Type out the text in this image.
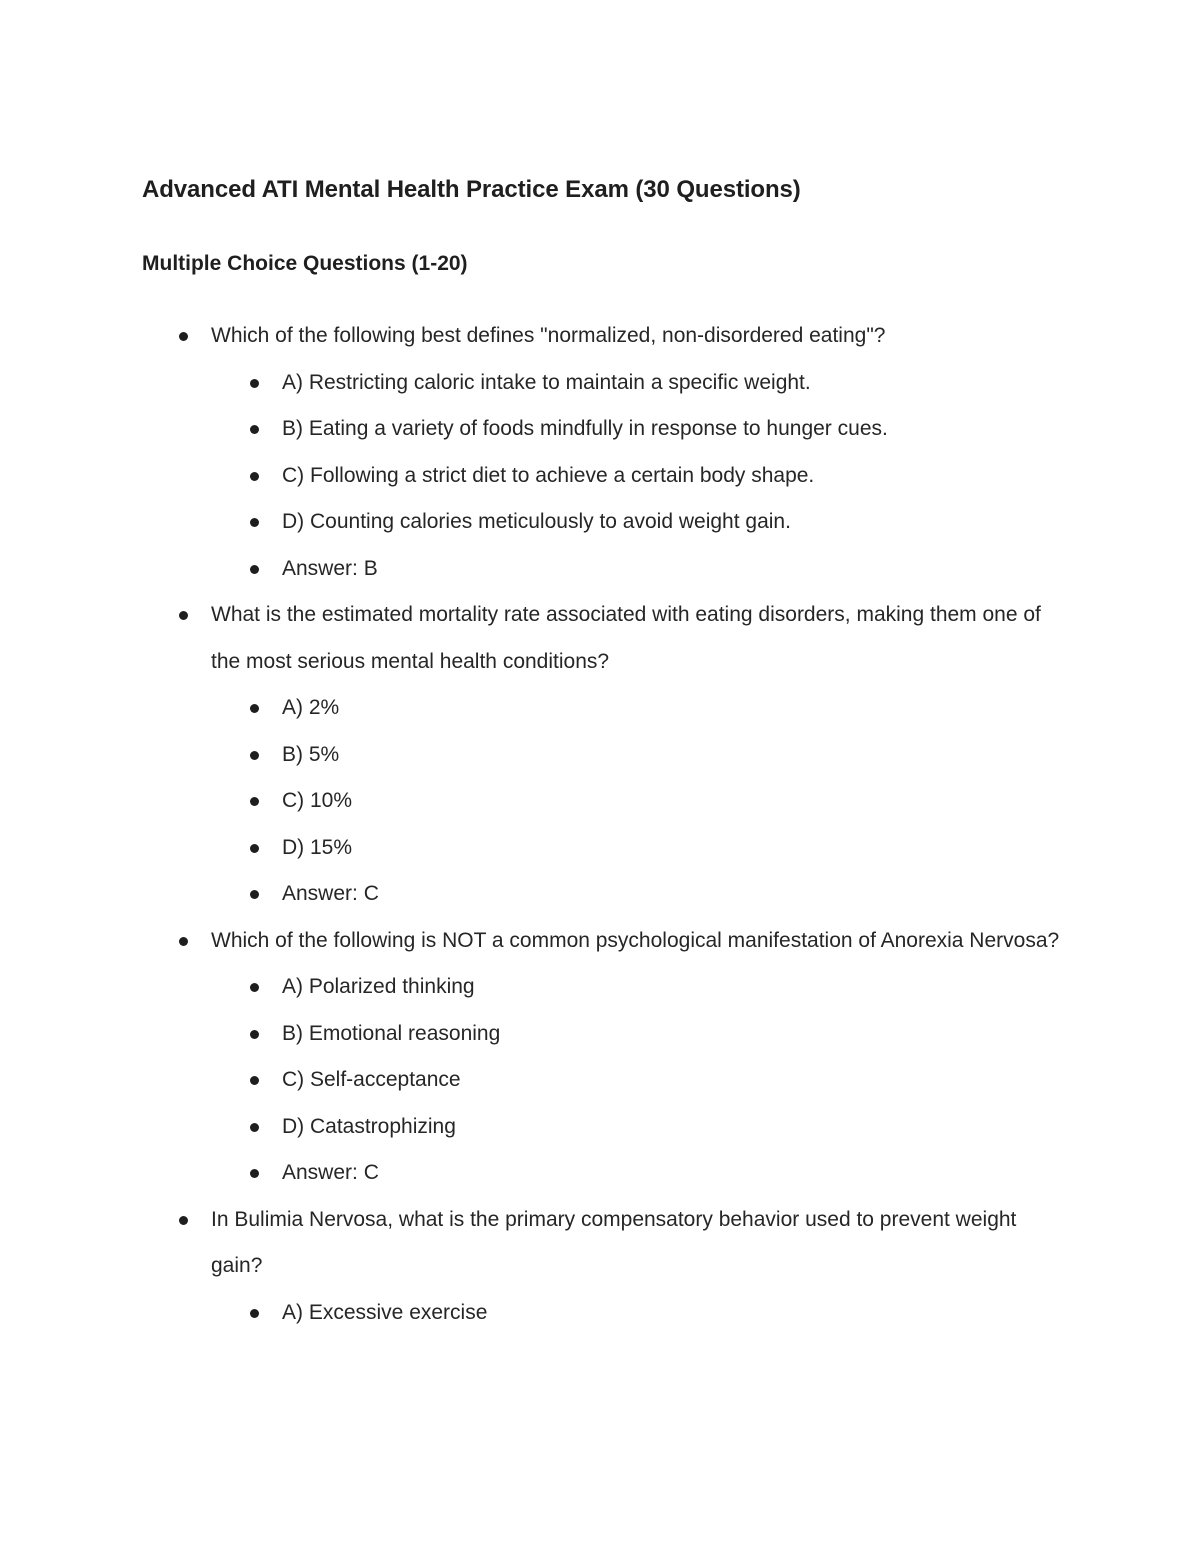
Advanced ATI Mental Health Practice Exam (30 Questions)
Multiple Choice Questions (1-20)
Which of the following best defines "normalized, non-disordered eating"?
A) Restricting caloric intake to maintain a specific weight.
B) Eating a variety of foods mindfully in response to hunger cues.
C) Following a strict diet to achieve a certain body shape.
D) Counting calories meticulously to avoid weight gain.
Answer: B
What is the estimated mortality rate associated with eating disorders, making them one of the most serious mental health conditions?
A) 2%
B) 5%
C) 10%
D) 15%
Answer: C
Which of the following is NOT a common psychological manifestation of Anorexia Nervosa?
A) Polarized thinking
B) Emotional reasoning
C) Self-acceptance
D) Catastrophizing
Answer: C
In Bulimia Nervosa, what is the primary compensatory behavior used to prevent weight gain?
A) Excessive exercise
